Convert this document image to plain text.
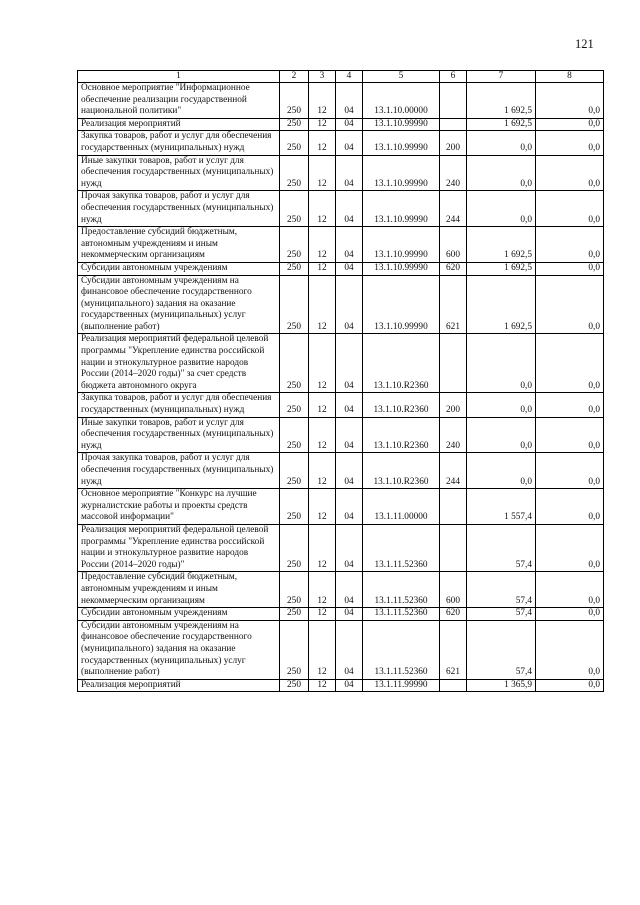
121
1	2	3	4	5	6	7	8
Основное мероприятие "Информационное обеспечение реализации государственной национальной политики"	250	12	04	13.1.10.00000		1 692,5	0,0
Реализация мероприятий	250	12	04	13.1.10.99990		1 692,5	0,0
Закупка товаров, работ и услуг для обеспечения государственных (муниципальных) нужд	250	12	04	13.1.10.99990	200	0,0	0,0
Иные закупки товаров, работ и услуг для обеспечения государственных (муниципальных) нужд	250	12	04	13.1.10.99990	240	0,0	0,0
Прочая закупка товаров, работ и услуг для обеспечения государственных (муниципальных) нужд	250	12	04	13.1.10.99990	244	0,0	0,0
Предоставление субсидий бюджетным, автономным учреждениям и иным некоммерческим организациям	250	12	04	13.1.10.99990	600	1 692,5	0,0
Субсидии автономным учреждениям	250	12	04	13.1.10.99990	620	1 692,5	0,0
Субсидии автономным учреждениям на финансовое обеспечение государственного (муниципального) задания на оказание государственных (муниципальных) услуг (выполнение работ)	250	12	04	13.1.10.99990	621	1 692,5	0,0
Реализация мероприятий федеральной целевой программы "Укрепление единства российской нации и этнокультурное развитие народов России (2014–2020 годы)" за счет средств бюджета автономного округа	250	12	04	13.1.10.R2360		0,0	0,0
Закупка товаров, работ и услуг для обеспечения государственных (муниципальных) нужд	250	12	04	13.1.10.R2360	200	0,0	0,0
Иные закупки товаров, работ и услуг для обеспечения государственных (муниципальных) нужд	250	12	04	13.1.10.R2360	240	0,0	0,0
Прочая закупка товаров, работ и услуг для обеспечения государственных (муниципальных) нужд	250	12	04	13.1.10.R2360	244	0,0	0,0
Основное мероприятие "Конкурс на лучшие журналистские работы и проекты средств массовой информации"	250	12	04	13.1.11.00000		1 557,4	0,0
Реализация мероприятий федеральной целевой программы "Укрепление единства российской нации и этнокультурное развитие народов России (2014–2020 годы)"	250	12	04	13.1.11.52360		57,4	0,0
Предоставление субсидий бюджетным, автономным учреждениям и иным некоммерческим организациям	250	12	04	13.1.11.52360	600	57,4	0,0
Субсидии автономным учреждениям	250	12	04	13.1.11.52360	620	57,4	0,0
Субсидии автономным учреждениям на финансовое обеспечение государственного (муниципального) задания на оказание государственных (муниципальных) услуг (выполнение работ)	250	12	04	13.1.11.52360	621	57,4	0,0
Реализация мероприятий	250	12	04	13.1.11.99990		1 365,9	0,0
